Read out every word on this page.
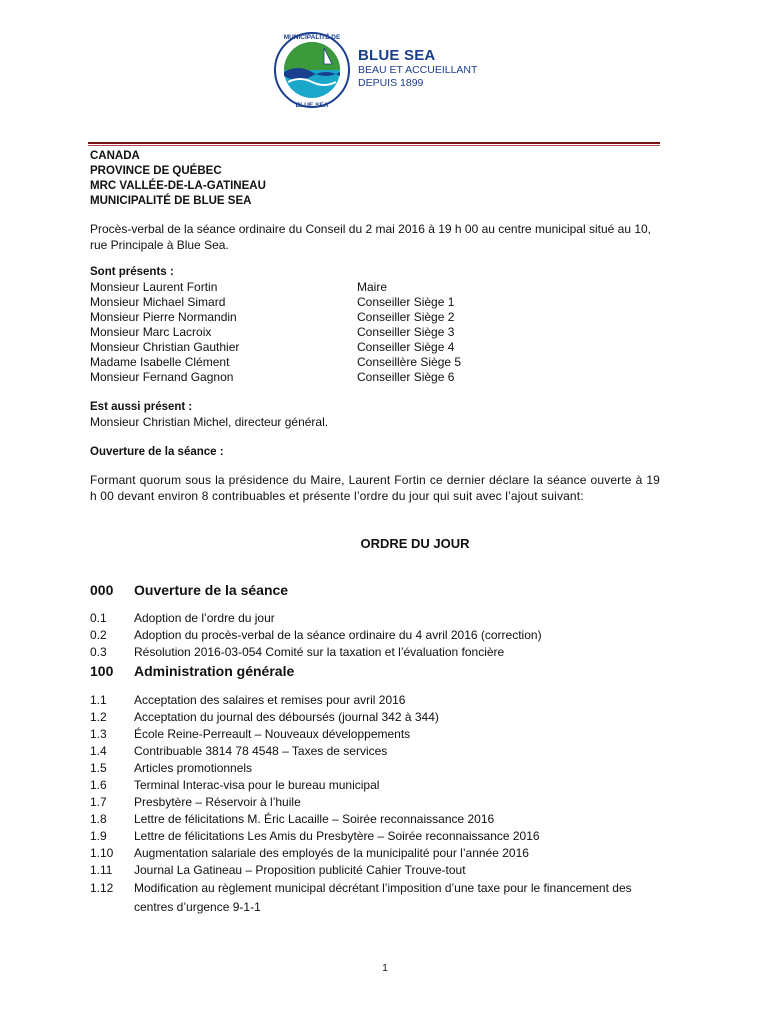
MUNICIPALITÉ DE
BLUE SEA
BLUE SEA
BEAU ET ACCUEILLANT
DEPUIS 1899
CANADA
PROVINCE DE QUÉBEC
MRC VALLÉE-DE-LA-GATINEAU
MUNICIPALITÉ DE BLUE SEA
Procès-verbal de la séance ordinaire du Conseil du 2 mai 2016 à 19 h 00 au centre municipal situé au 10, rue Principale à Blue Sea.
Sont présents :
Monsieur Laurent Fortin	Maire
Monsieur Michael Simard	Conseiller Siège 1
Monsieur Pierre Normandin	Conseiller Siège 2
Monsieur Marc Lacroix	Conseiller Siège 3
Monsieur Christian Gauthier	Conseiller Siège 4
Madame Isabelle Clément	Conseillère Siège 5
Monsieur Fernand Gagnon	Conseiller Siège 6
Est aussi présent :
Monsieur Christian Michel, directeur général.
Ouverture de la séance :
Formant quorum sous la présidence du Maire, Laurent Fortin ce dernier déclare la séance ouverte à 19 h 00 devant environ 8 contribuables et présente l’ordre du jour qui suit avec l’ajout suivant:
ORDRE DU JOUR
000	Ouverture de la séance
0.1	Adoption de l’ordre du jour
0.2	Adoption du procès-verbal de la séance ordinaire du 4 avril 2016 (correction)
0.3	Résolution 2016-03-054 Comité sur la taxation et l’évaluation foncière
100	Administration générale
1.1	Acceptation des salaires et remises pour avril 2016
1.2	Acceptation du journal des déboursés (journal 342 à 344)
1.3	École Reine-Perreault – Nouveaux développements
1.4	Contribuable 3814 78 4548 – Taxes de services
1.5	Articles promotionnels
1.6	Terminal Interac-visa pour le bureau municipal
1.7	Presbytère – Réservoir à l’huile
1.8	Lettre de félicitations M. Éric Lacaille – Soirée reconnaissance 2016
1.9	Lettre de félicitations Les Amis du Presbytère – Soirée reconnaissance 2016
1.10	Augmentation salariale des employés de la municipalité pour l’année 2016
1.11	Journal La Gatineau – Proposition publicité Cahier Trouve-tout
1.12	Modification au règlement municipal décrétant l’imposition d’une taxe pour le financement des centres d’urgence 9-1-1
1
